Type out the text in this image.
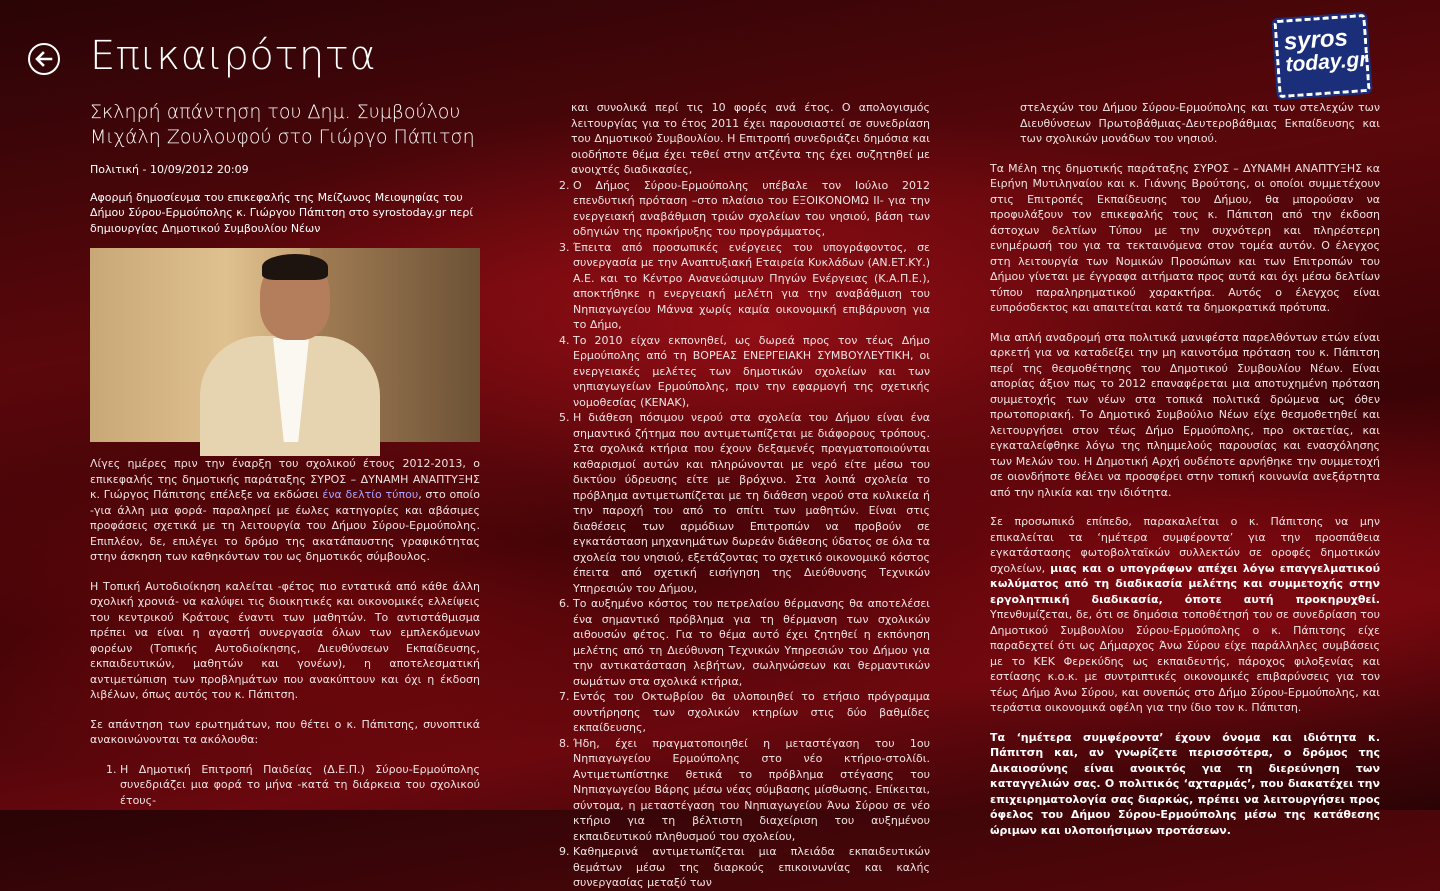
Επικαιρότητα	syros
today.gr
Σκληρή απάντηση του Δημ. Συμβούλου Μιχάλη Ζουλουφού στο Γιώργο Πάπιτση
Πολιτική - 10/09/2012 20:09
Αφορμή δημοσίευμα του επικεφαλής της Μείζωνος Μειοψηφίας του Δήμου Σύρου-Ερμούπολης κ. Γιώργου Πάπιτση στο syrostoday.gr περί δημιουργίας Δημοτικού Συμβουλίου Νέων

Λίγες ημέρες πριν την έναρξη του σχολικού έτους 2012-2013, ο επικεφαλής της δημοτικής παράταξης ΣΥΡΟΣ – ΔΥΝΑΜΗ ΑΝΑΠΤΥΞΗΣ κ. Γιώργος Πάπιτσης επέλεξε να εκδώσει ένα δελτίο τύπου, στο οποίο -για άλλη μια φορά- παραληρεί με έωλες κατηγορίες και αβάσιμες προφάσεις σχετικά με τη λειτουργία του Δήμου Σύρου-Ερμούπολης. Επιπλέον, δε, επιλέγει το δρόμο της ακατάπαυστης γραφικότητας στην άσκηση των καθηκόντων του ως δημοτικός σύμβουλος.

Η Τοπική Αυτοδιοίκηση καλείται -φέτος πιο εντατικά από κάθε άλλη σχολική χρονιά- να καλύψει τις διοικητικές και οικονομικές ελλείψεις του κεντρικού Κράτους έναντι των μαθητών. Το αντιστάθμισμα πρέπει να είναι η αγαστή συνεργασία όλων των εμπλεκόμενων φορέων (Τοπικής Αυτοδιοίκησης, Διευθύνσεων Εκπαίδευσης, εκπαιδευτικών, μαθητών και γονέων), η αποτελεσματική αντιμετώπιση των προβλημάτων που ανακύπτουν και όχι η έκδοση λιβέλων, όπως αυτός του κ. Πάπιτση.

Σε απάντηση των ερωτημάτων, που θέτει ο κ. Πάπιτσης, συνοπτικά ανακοινώνονται τα ακόλουθα:

1. Η Δημοτική Επιτροπή Παιδείας (Δ.Ε.Π.) Σύρου-Ερμούπολης συνεδριάζει μια φορά το μήνα -κατά τη διάρκεια του σχολικού έτους-
και συνολικά περί τις 10 φορές ανά έτος. Ο απολογισμός λειτουργίας για το έτος 2011 έχει παρουσιαστεί σε συνεδρίαση του Δημοτικού Συμβουλίου. Η Επιτροπή συνεδριάζει δημόσια και οιοδήποτε θέμα έχει τεθεί στην ατζέντα της έχει συζητηθεί με ανοιχτές διαδικασίες,
2. Ο Δήμος Σύρου-Ερμούπολης υπέβαλε τον Ιούλιο 2012 επενδυτική πρόταση –στο πλαίσιο του ΕΞΟΙΚΟΝΟΜΩ ΙΙ- για την ενεργειακή αναβάθμιση τριών σχολείων του νησιού, βάση των οδηγιών της προκήρυξης του προγράμματος,
3. Έπειτα από προσωπικές ενέργειες του υπογράφοντος, σε συνεργασία με την Αναπτυξιακή Εταιρεία Κυκλάδων (ΑΝ.ΕΤ.ΚΥ.) Α.Ε. και το Κέντρο Ανανεώσιμων Πηγών Ενέργειας (Κ.Α.Π.Ε.), αποκτήθηκε η ενεργειακή μελέτη για την αναβάθμιση του Νηπιαγωγείου Μάννα χωρίς καμία οικονομική επιβάρυνση για το Δήμο,
4. Το 2010 είχαν εκπονηθεί, ως δωρεά προς τον τέως Δήμο Ερμούπολης από τη ΒΟΡΕΑΣ ΕΝΕΡΓΕΙΑΚΗ ΣΥΜΒΟΥΛΕΥΤΙΚΗ, οι ενεργειακές μελέτες των δημοτικών σχολείων και των νηπιαγωγείων Ερμούπολης, πριν την εφαρμογή της σχετικής νομοθεσίας (ΚΕΝΑΚ),
5. Η διάθεση πόσιμου νερού στα σχολεία του Δήμου είναι ένα σημαντικό ζήτημα που αντιμετωπίζεται με διάφορους τρόπους. Στα σχολικά κτήρια που έχουν δεξαμενές πραγματοποιούνται καθαρισμοί αυτών και πληρώνονται με νερό είτε μέσω του δικτύου ύδρευσης είτε με βρόχινο. Στα λοιπά σχολεία το πρόβλημα αντιμετωπίζεται με τη διάθεση νερού στα κυλικεία ή την παροχή του από το σπίτι των μαθητών. Είναι στις διαθέσεις των αρμόδιων Επιτροπών να προβούν σε εγκατάσταση μηχανημάτων δωρεάν διάθεσης ύδατος σε όλα τα σχολεία του νησιού, εξετάζοντας το σχετικό οικονομικό κόστος έπειτα από σχετική εισήγηση της Διεύθυνσης Τεχνικών Υπηρεσιών του Δήμου,
6. Το αυξημένο κόστος του πετρελαίου θέρμανσης θα αποτελέσει ένα σημαντικό πρόβλημα για τη θέρμανση των σχολικών αιθουσών φέτος. Για το θέμα αυτό έχει ζητηθεί η εκπόνηση μελέτης από τη Διεύθυνση Τεχνικών Υπηρεσιών του Δήμου για την αντικατάσταση λεβήτων, σωληνώσεων και θερμαντικών σωμάτων στα σχολικά κτήρια,
7. Εντός του Οκτωβρίου θα υλοποιηθεί το ετήσιο πρόγραμμα συντήρησης των σχολικών κτηρίων στις δύο βαθμίδες εκπαίδευσης,
8. Ήδη, έχει πραγματοποιηθεί η μεταστέγαση του 1ου Νηπιαγωγείου Ερμούπολης στο νέο κτήριο-στολίδι. Αντιμετωπίστηκε θετικά το πρόβλημα στέγασης του Νηπιαγωγείου Βάρης μέσω νέας σύμβασης μίσθωσης. Επίκειται, σύντομα, η μεταστέγαση του Νηπιαγωγείου Άνω Σύρου σε νέο κτήριο για τη βέλτιστη διαχείριση του αυξημένου εκπαιδευτικού πληθυσμού του σχολείου,
9. Καθημερινά αντιμετωπίζεται μια πλειάδα εκπαιδευτικών θεμάτων μέσω της διαρκούς επικοινωνίας και καλής συνεργασίας μεταξύ των
στελεχών του Δήμου Σύρου-Ερμούπολης και των στελεχών των Διευθύνσεων Πρωτοβάθμιας-Δευτεροβάθμιας Εκπαίδευσης και των σχολικών μονάδων του νησιού.

Τα Μέλη της δημοτικής παράταξης ΣΥΡΟΣ – ΔΥΝΑΜΗ ΑΝΑΠΤΥΞΗΣ κα Ειρήνη Μυτιληναίου και κ. Γιάννης Βρούτσης, οι οποίοι συμμετέχουν στις Επιτροπές Εκπαίδευσης του Δήμου, θα μπορούσαν να προφυλάξουν τον επικεφαλής τους κ. Πάπιτση από την έκδοση άστοχων δελτίων Τύπου με την συχνότερη και πληρέστερη ενημέρωσή του για τα τεκταινόμενα στον τομέα αυτόν. Ο έλεγχος στη λειτουργία των Νομικών Προσώπων και των Επιτροπών του Δήμου γίνεται με έγγραφα αιτήματα προς αυτά και όχι μέσω δελτίων τύπου παραληρηματικού χαρακτήρα. Αυτός ο έλεγχος είναι ευπρόσδεκτος και απαιτείται κατά τα δημοκρατικά πρότυπα.

Μια απλή αναδρομή στα πολιτικά μανιφέστα παρελθόντων ετών είναι αρκετή για να καταδείξει την μη καινοτόμα πρόταση του κ. Πάπιτση περί της θεσμοθέτησης του Δημοτικού Συμβουλίου Νέων. Είναι απορίας άξιον πως το 2012 επαναφέρεται μια αποτυχημένη πρόταση συμμετοχής των νέων στα τοπικά πολιτικά δρώμενα ως όθεν πρωτοποριακή. Το Δημοτικό Συμβούλιο Νέων είχε θεσμοθετηθεί και λειτουργήσει στον τέως Δήμο Ερμούπολης, προ οκταετίας, και εγκαταλείφθηκε λόγω της πλημμελούς παρουσίας και ενασχόλησης των Μελών του. Η Δημοτική Αρχή ουδέποτε αρνήθηκε την συμμετοχή σε οιονδήποτε θέλει να προσφέρει στην τοπική κοινωνία ανεξάρτητα από την ηλικία και την ιδιότητα.

Σε προσωπικό επίπεδο, παρακαλείται ο κ. Πάπιτσης να μην επικαλείται τα ‘ημέτερα συμφέροντα’ για την προσπάθεια εγκατάστασης φωτοβολταϊκών συλλεκτών σε οροφές δημοτικών σχολείων, μιας και ο υπογράφων απέχει λόγω επαγγελματικού κωλύματος από τη διαδικασία μελέτης και συμμετοχής στην εργολητπική διαδικασία, όποτε αυτή προκηρυχθεί. Υπενθυμίζεται, δε, ότι σε δημόσια τοποθέτησή του σε συνεδρίαση του Δημοτικού Συμβουλίου Σύρου-Ερμούπολης ο κ. Πάπιτσης είχε παραδεχτεί ότι ως Δήμαρχος Άνω Σύρου είχε παράλληλες συμβάσεις με το ΚΕΚ Φερεκύδης ως εκπαιδευτής, πάροχος φιλοξενίας και εστίασης κ.ο.κ. με συντριπτικές οικονομικές επιβαρύνσεις για τον τέως Δήμο Άνω Σύρου, και συνεπώς στο Δήμο Σύρου-Ερμούπολης, και τεράστια οικονομικά οφέλη για την ίδιο τον κ. Πάπιτση.

Τα ‘ημέτερα συμφέροντα’ έχουν όνομα και ιδιότητα κ. Πάπιτση και, αν γνωρίζετε περισσότερα, ο δρόμος της Δικαιοσύνης είναι ανοικτός για τη διερεύνηση των καταγγελιών σας. Ο πολιτικός ‘αχταρμάς’, που διακατέχει την επιχειρηματολογία σας διαρκώς, πρέπει να λειτουργήσει προς όφελος του Δήμου Σύρου-Ερμούπολης μέσω της κατάθεσης ώριμων και υλοποιήσιμων προτάσεων.
